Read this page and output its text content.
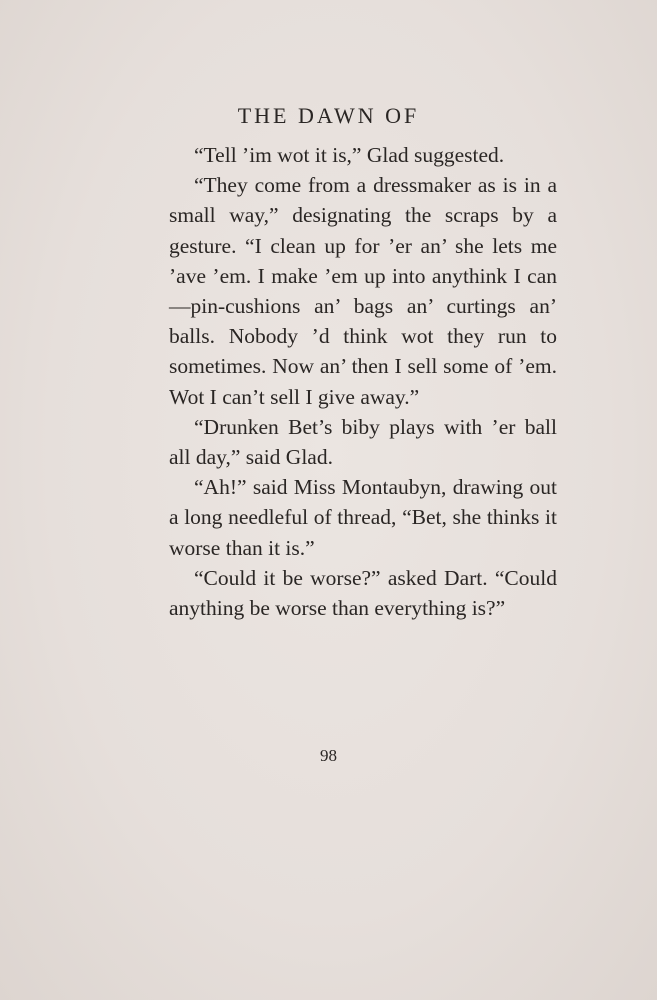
THE DAWN OF

“Tell ’im wot it is,” Glad suggested.

“They come from a dressmaker as is in a small way,” designating the scraps by a gesture. “I clean up for ’er an’ she lets me ’ave ’em. I make ’em up into anythink I can—pin-cushions an’ bags an’ curtings an’ balls. Nobody ’d think wot they run to sometimes. Now an’ then I sell some of ’em. Wot I can’t sell I give away.”

“Drunken Bet’s biby plays with ’er ball all day,” said Glad.

“Ah!” said Miss Montaubyn, drawing out a long needleful of thread, “Bet, she thinks it worse than it is.”

“Could it be worse?” asked Dart. “Could anything be worse than everything is?”

98
